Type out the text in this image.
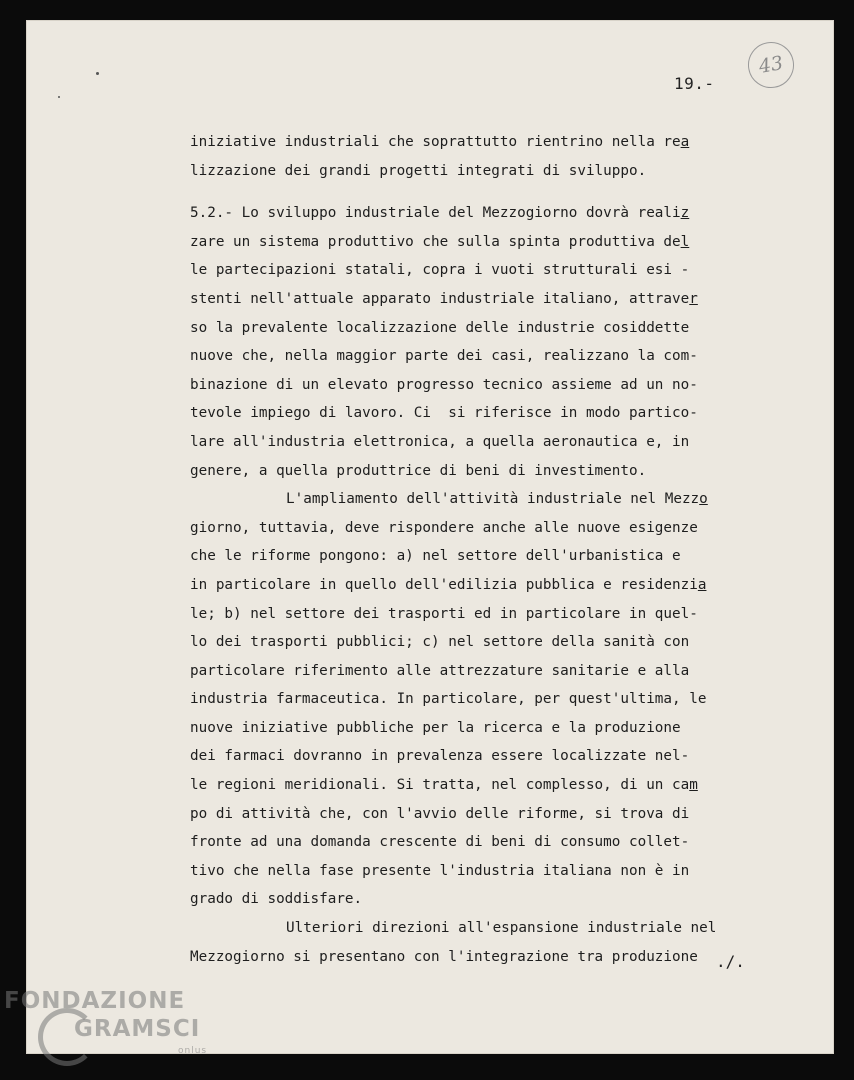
19.-
43
iniziative industriali che soprattutto rientrino nella rea
lizzazione dei grandi progetti integrati di sviluppo.
5.2.- Lo sviluppo industriale del Mezzogiorno dovrà realiz
zare un sistema produttivo che sulla spinta produttiva del
le partecipazioni statali, copra i vuoti strutturali esi -
stenti nell'attuale apparato industriale italiano, attraver
so la prevalente localizzazione delle industrie cosiddette
nuove che, nella maggior parte dei casi, realizzano la com-
binazione di un elevato progresso tecnico assieme ad un no-
tevole impiego di lavoro. Ci  si riferisce in modo partico-
lare all'industria elettronica, a quella aeronautica e, in
genere, a quella produttrice di beni di investimento.
L'ampliamento dell'attività industriale nel Mezzo
giorno, tuttavia, deve rispondere anche alle nuove esigenze
che le riforme pongono: a) nel settore dell'urbanistica e
in particolare in quello dell'edilizia pubblica e residenzia
le; b) nel settore dei trasporti ed in particolare in quel-
lo dei trasporti pubblici; c) nel settore della sanità con
particolare riferimento alle attrezzature sanitarie e alla
industria farmaceutica. In particolare, per quest'ultima, le
nuove iniziative pubbliche per la ricerca e la produzione
dei farmaci dovranno in prevalenza essere localizzate nel-
le regioni meridionali. Si tratta, nel complesso, di un cam
po di attività che, con l'avvio delle riforme, si trova di
fronte ad una domanda crescente di beni di consumo collet-
tivo che nella fase presente l'industria italiana non è in
grado di soddisfare.
Ulteriori direzioni all'espansione industriale nel
Mezzogiorno si presentano con l'integrazione tra produzione	./.
FONDAZIONE
GRAMSCI
onlus
